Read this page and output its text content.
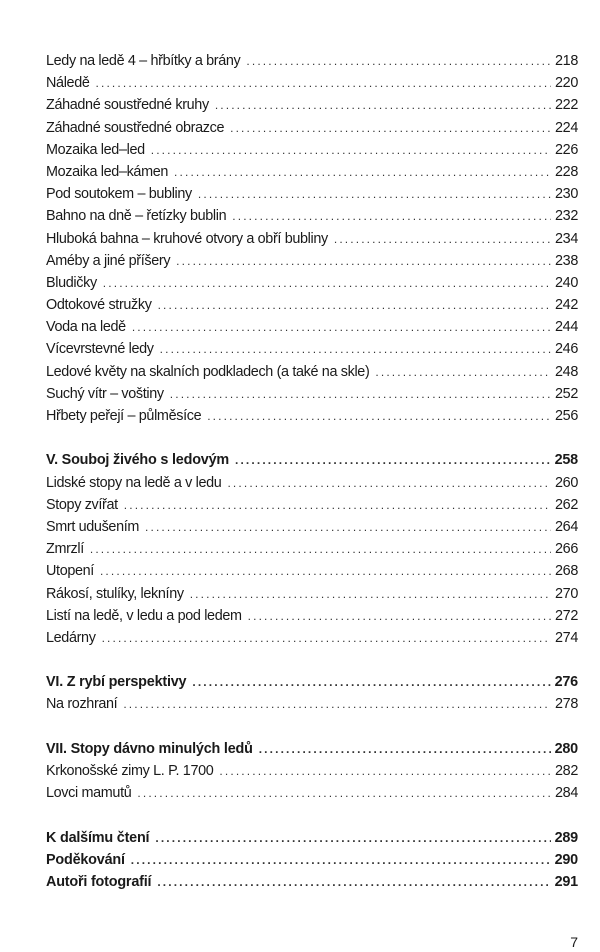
Ledy na ledě 4 – hřbítky a brány . . .	218
Náledě . . .	220
Záhadné soustředné kruhy . . .	222
Záhadné soustředné obrazce . . .	224
Mozaika led–led . . .	226
Mozaika led–kámen . . .	228
Pod soutokem – bubliny . . .	230
Bahno na dně – řetízky bublin . . .	232
Hluboká bahna – kruhové otvory a obří bubliny . . .	234
Améby a jiné příšery . . .	238
Bludičky . . .	240
Odtokové stružky . . .	242
Voda na ledě . . .	244
Vícevrstevné ledy . . .	246
Ledové květy na skalních podkladech (a také na skle) . . .	248
Suchý vítr – voštiny . . .	252
Hřbety peřejí – půlměsíce . . .	256
V. Souboj živého s ledovým . . .	258
Lidské stopy na ledě a v ledu . . .	260
Stopy zvířat . . .	262
Smrt udušením . . .	264
Zmrzlí . . .	266
Utopení . . .	268
Rákosí, stulíky, lekníny . . .	270
Listí na ledě, v ledu a pod ledem . . .	272
Ledárny . . .	274
VI. Z rybí perspektivy . . .	276
Na rozhraní . . .	278
VII. Stopy dávno minulých ledů . . .	280
Krkonošské zimy L. P. 1700 . . .	282
Lovci mamutů . . .	284
K dalšímu čtení . . .	289
Poděkování . . .	290
Autoři fotografií . . .	291
7
